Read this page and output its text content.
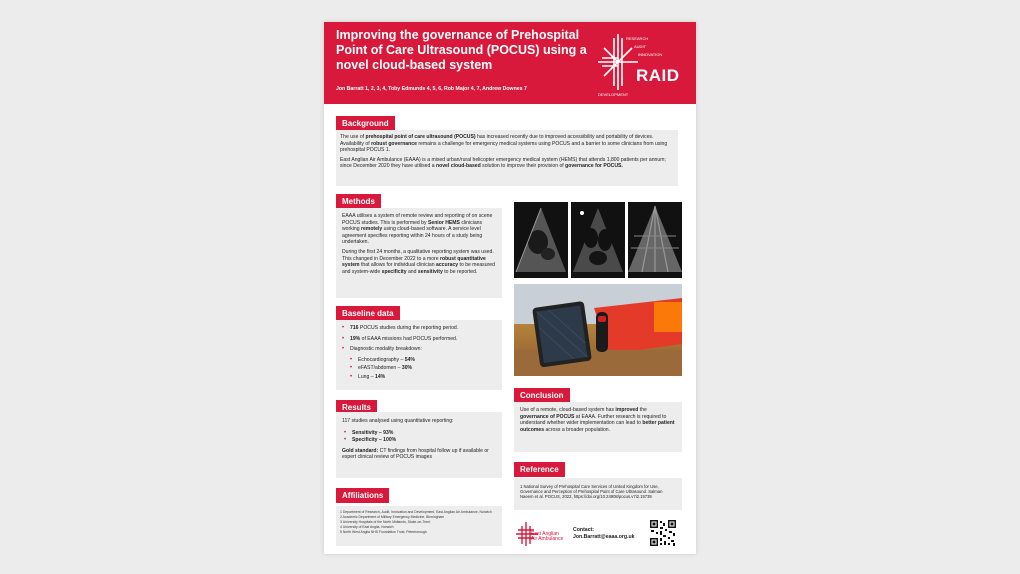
Improving the governance of Prehospital Point of Care Ultrasound (POCUS) using a novel cloud-based system
Jon Barratt 1, 2, 3, 4, Toby Edmunds 4, 5, 6, Rob Major 4, 7, Andrew Downes 7
RESEARCH
AUDIT
INNOVATION
DEVELOPMENT
RAID
Background

The use of prehospital point of care ultrasound (POCUS) has increased recently due to improved accessibility and portability of devices. Availability of robust governance remains a challenge for emergency medical systems using POCUS and a barrier to some clinicians from using prehospital POCUS 1.

East Anglian Air Ambulance (EAAA) is a mixed urban/rural helicopter emergency medical system (HEMS) that attends 1,800 patients per annum; since December 2020 they have utilised a novel cloud-based solution to improve their provision of governance for POCUS.

Methods

EAAA utilises a system of remote review and reporting of on scene POCUS studies. This is performed by Senior HEMS clinicians working remotely using cloud-based software. A service level agreement specifies reporting within 24 hours of a study being undertaken.

During the first 24 months, a qualitative reporting system was used. This changed in December 2022 to a more robust quantitative system that allows for individual clinician accuracy to be measured and system-wide specificity and sensitivity to be reported.

Baseline data
• 716 POCUS studies during the reporting period.
• 19% of EAAA missions had POCUS performed.
• Diagnostic modality breakdown:
• Echocardiography – 54%
• eFAST/abdomen – 30%
• Lung – 14%
Results

117 studies analysed using quantitative reporting:

• Sensitivity – 93%
• Specificity – 100%

Gold standard: CT findings from hospital follow up if available or expert clinical review of POCUS images

Conclusion

Use of a remote, cloud-based system has improved the governance of POCUS at EAAA. Further research is required to understand whether wider implementation can lead to better patient outcomes across a broader population.

Reference
1 National Survey of Prehospital Care Services of United Kingdom for Use, Governance and Perception of Prehospital Point of Care Ultrasound. Salman Naeem et al. POCUS, 2022, https://doi.org/10.24908/pocus.v7i2.15739
Affiliations
1 Department of Research, Audit, Innovation and Development, East Anglian Air Ambulance, Norwich
2 Academic Department of Military Emergency Medicine, Birmingham
3 University Hospitals of the North Midlands, Stoke-on-Trent
4 University of East Anglia, Norwich
5 North West Anglia NHS Foundation Trust, Peterborough	East Anglian
Air Ambulance
Contact:
Jon.Barratt@eaaa.org.uk
